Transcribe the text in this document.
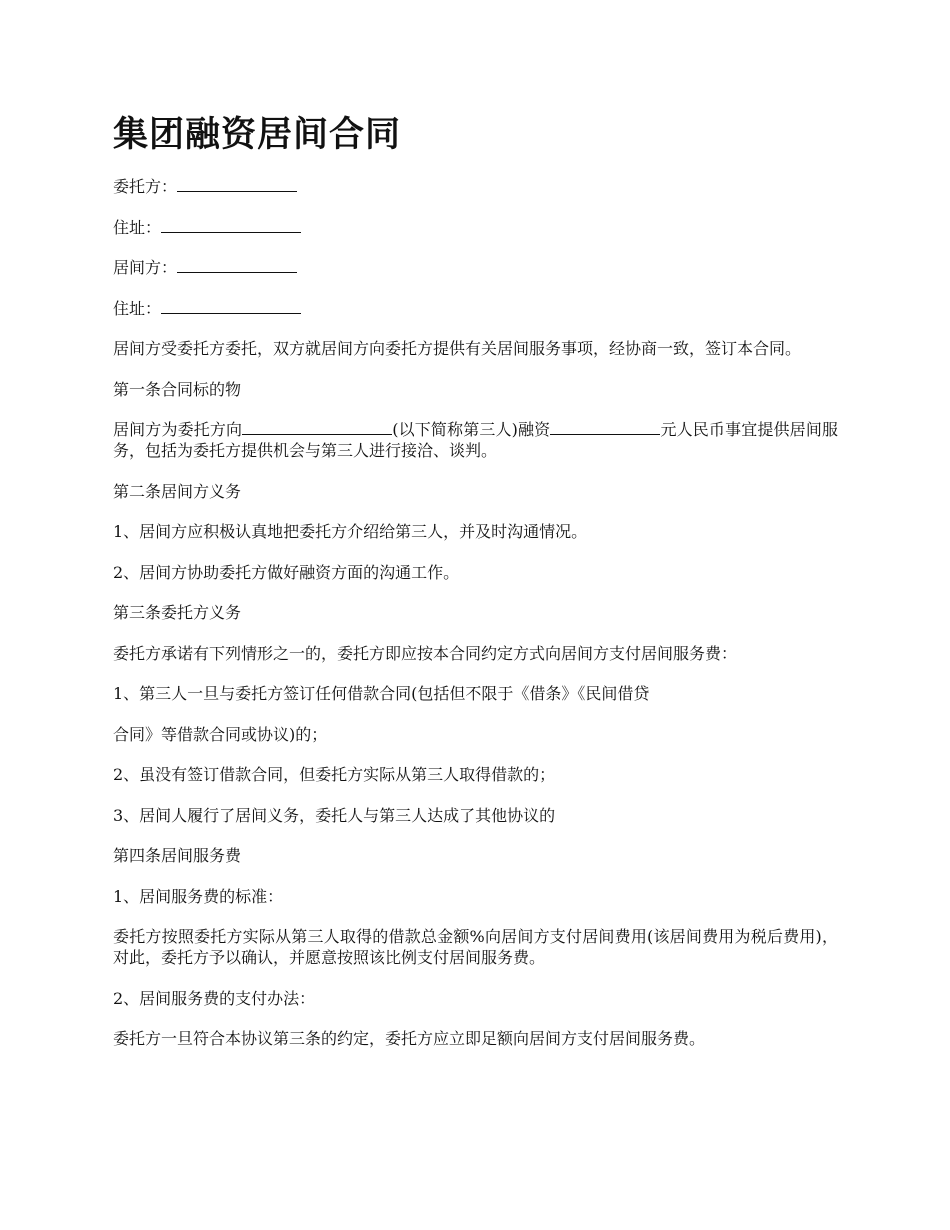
集团融资居间合同

委托方：

住址：

居间方：

住址：

居间方受委托方委托，双方就居间方向委托方提供有关居间服务事项，经协商一致，签订本合同。

第一条合同标的物

居间方为委托方向	(以下简称第三人)融资	元人民币事宜提供居间服务，包括为委托方提供机会与第三人进行接洽、谈判。

第二条居间方义务

1、居间方应积极认真地把委托方介绍给第三人，并及时沟通情况。

2、居间方协助委托方做好融资方面的沟通工作。

第三条委托方义务

委托方承诺有下列情形之一的，委托方即应按本合同约定方式向居间方支付居间服务费：

1、第三人一旦与委托方签订任何借款合同(包括但不限于《借条》《民间借贷

合同》等借款合同或协议)的；

2、虽没有签订借款合同，但委托方实际从第三人取得借款的；

3、居间人履行了居间义务，委托人与第三人达成了其他协议的

第四条居间服务费

1、居间服务费的标准：

委托方按照委托方实际从第三人取得的借款总金额%向居间方支付居间费用(该居间费用为税后费用)，对此，委托方予以确认，并愿意按照该比例支付居间服务费。

2、居间服务费的支付办法：

委托方一旦符合本协议第三条的约定，委托方应立即足额向居间方支付居间服务费。
